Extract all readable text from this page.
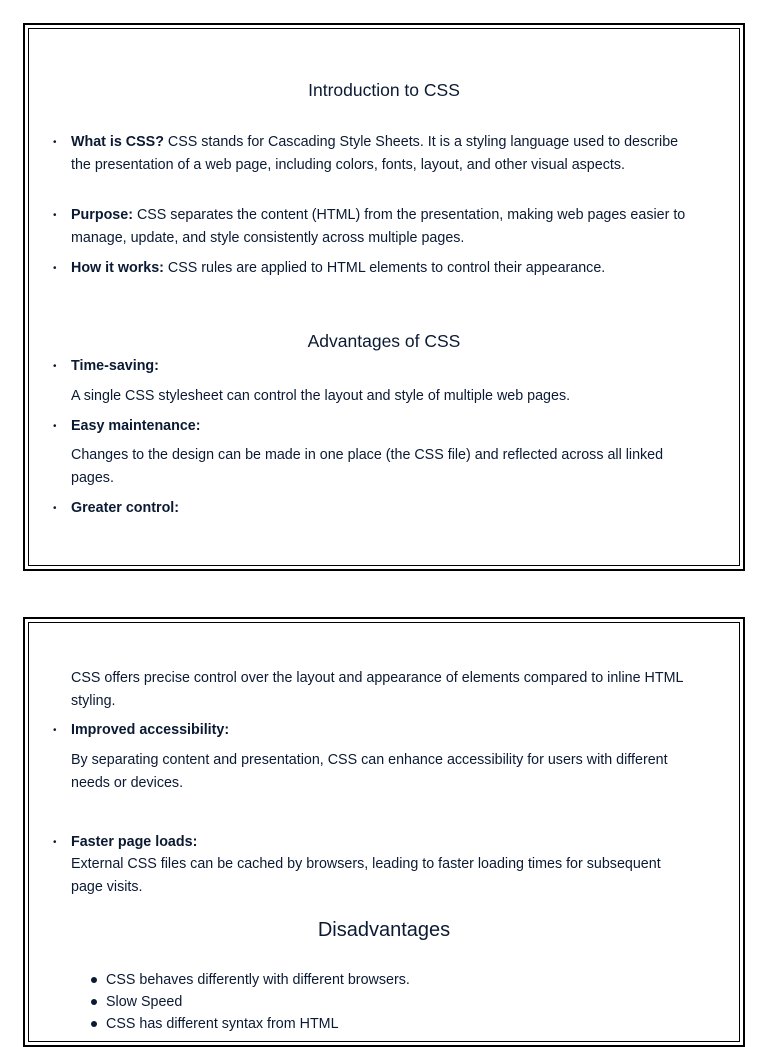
Introduction to CSS
• What is CSS? CSS stands for Cascading Style Sheets. It is a styling language used to describe the presentation of a web page, including colors, fonts, layout, and other visual aspects.
• Purpose: CSS separates the content (HTML) from the presentation, making web pages easier to manage, update, and style consistently across multiple pages.
• How it works: CSS rules are applied to HTML elements to control their appearance.
Advantages of CSS
• Time-saving:
A single CSS stylesheet can control the layout and style of multiple web pages.
• Easy maintenance:
Changes to the design can be made in one place (the CSS file) and reflected across all linked pages.
• Greater control:
CSS offers precise control over the layout and appearance of elements compared to inline HTML styling.
• Improved accessibility:
By separating content and presentation, CSS can enhance accessibility for users with different needs or devices.
• Faster page loads:
External CSS files can be cached by browsers, leading to faster loading times for subsequent page visits.
Disadvantages
CSS behaves differently with different browsers.
Slow Speed
CSS has different syntax from HTML
